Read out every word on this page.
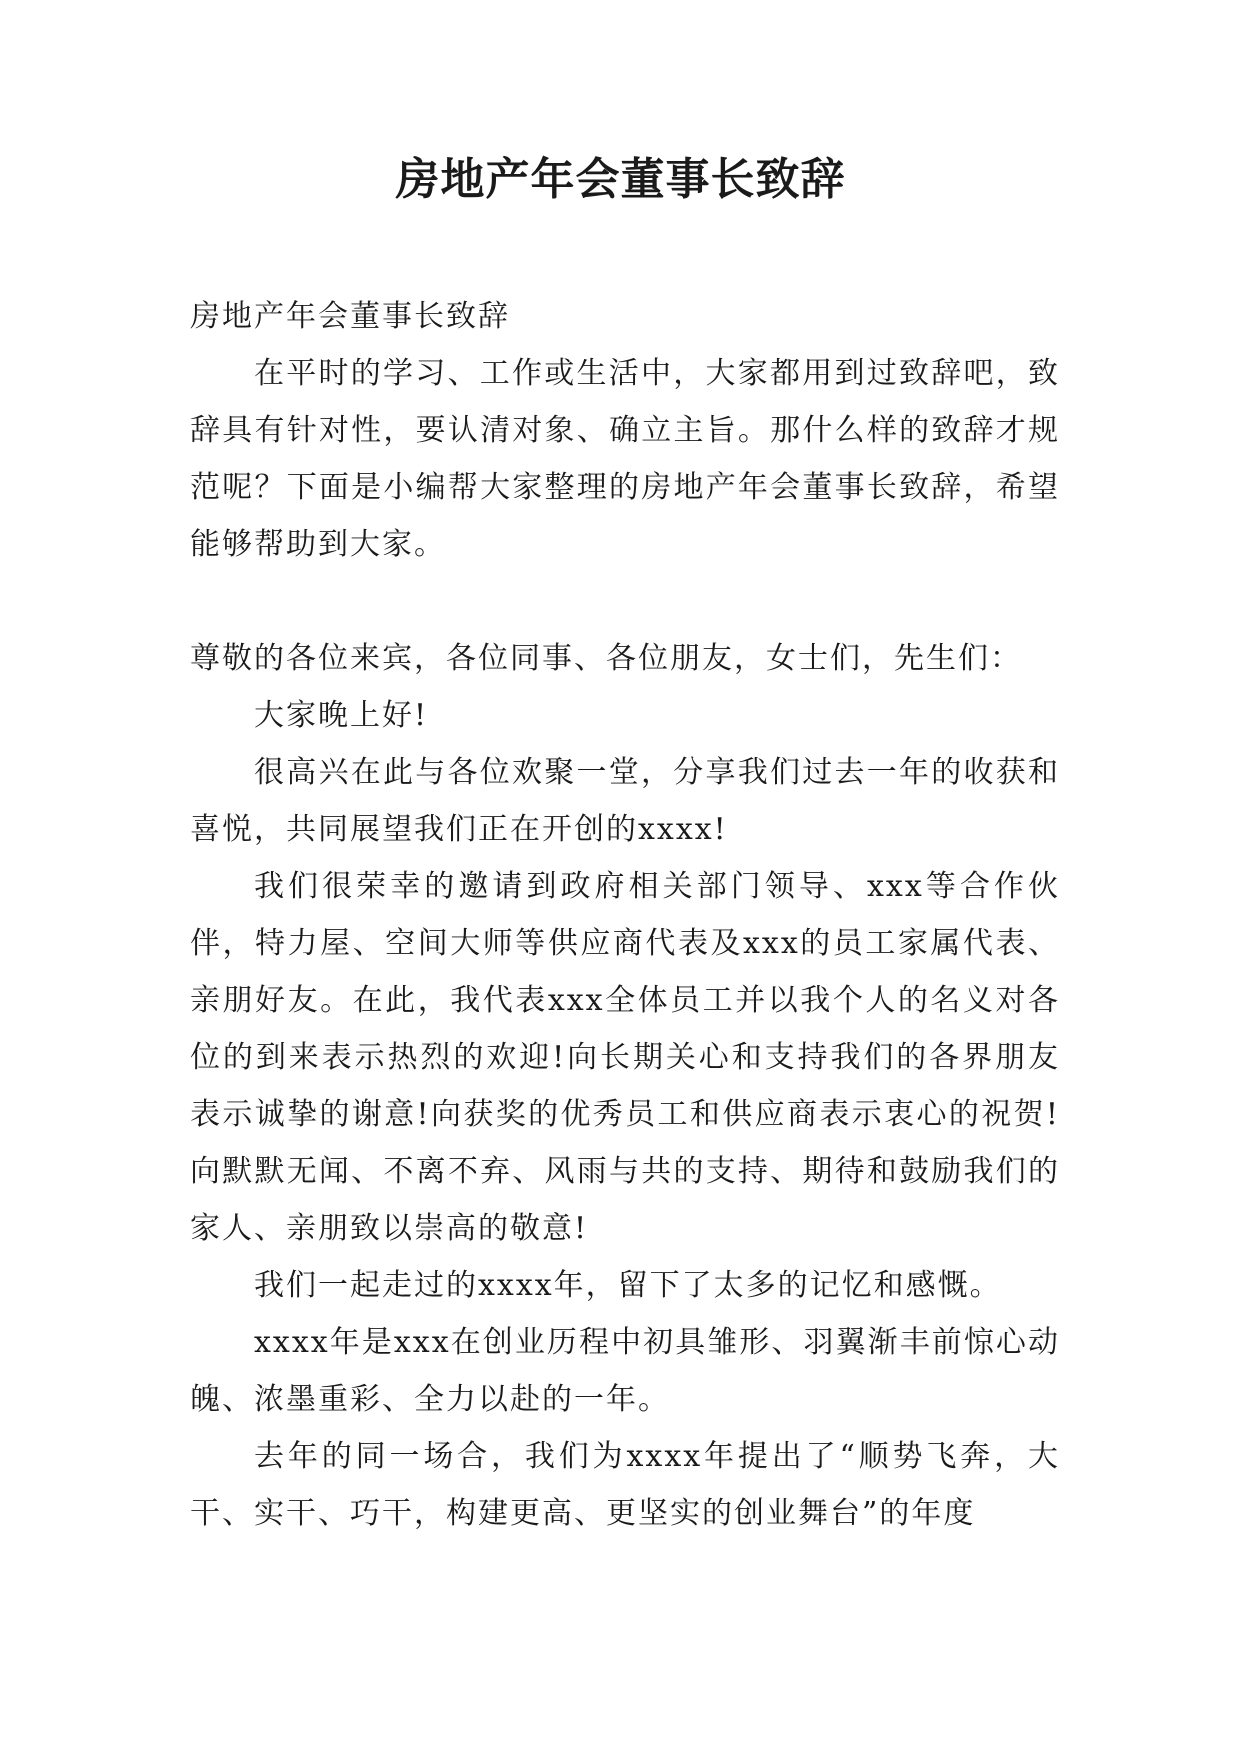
房地产年会董事长致辞

房地产年会董事长致辞

在平时的学习、工作或生活中，大家都用到过致辞吧，致辞具有针对性，要认清对象、确立主旨。那什么样的致辞才规范呢？下面是小编帮大家整理的房地产年会董事长致辞，希望能够帮助到大家。

尊敬的各位来宾，各位同事、各位朋友，女士们，先生们：

大家晚上好!

很高兴在此与各位欢聚一堂，分享我们过去一年的收获和喜悦，共同展望我们正在开创的xxxx!

我们很荣幸的邀请到政府相关部门领导、xxx等合作伙伴，特力屋、空间大师等供应商代表及xxx的员工家属代表、亲朋好友。在此，我代表xxx全体员工并以我个人的名义对各位的到来表示热烈的欢迎!向长期关心和支持我们的各界朋友表示诚挚的谢意!向获奖的优秀员工和供应商表示衷心的祝贺!向默默无闻、不离不弃、风雨与共的支持、期待和鼓励我们的家人、亲朋致以崇高的敬意!

我们一起走过的xxxx年，留下了太多的记忆和感慨。

xxxx年是xxx在创业历程中初具雏形、羽翼渐丰前惊心动魄、浓墨重彩、全力以赴的一年。

去年的同一场合，我们为xxxx年提出了“顺势飞奔，大干、实干、巧干，构建更高、更坚实的创业舞台”的年度
